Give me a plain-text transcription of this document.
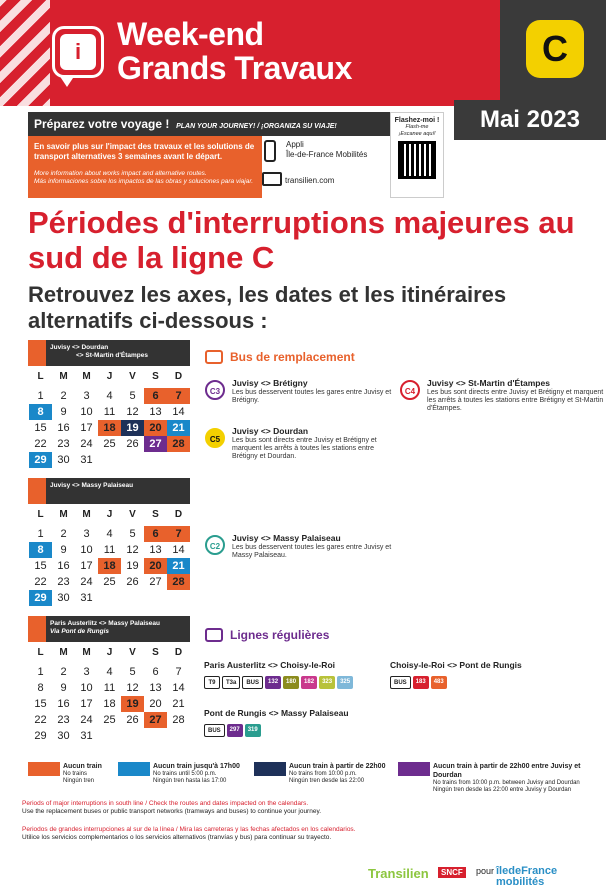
i	Week-end
Grands Travaux	C
Mai 2023
Préparez votre voyage ! PLAN YOUR JOURNEY! / ¡ORGANIZA SU VIAJE!
En savoir plus sur l'impact des travaux et les solutions de transport alternatives 3 semaines avant le départ.
More information about works impact and alternative routes.
Más informaciones sobre los impactos de las obras y soluciones para viajar.
Appli
Île-de-France Mobilités
transilien.com
Flashez-moi !
Flash-me
¡Escanee aquí!
Périodes d'interruptions majeures au sud de la ligne C
Retrouvez les axes, les dates et les itinéraires alternatifs ci-dessous :
Juvisy <> Dourdan
<> St-Martin d'Étampes
L	M	M	J	V	S	D
1	2	3	4	5	6	7
8	9	10	11	12 13 14
15 16 17 18 19 20 21
22 23 24 25 26 27 28
29 30 31
Juvisy <> Massy Palaiseau
L	M	M	J	V	S	D
1	2	3	4	5	6	7
8	9	10	11	12 13 14
15 16 17 18 19 20 21
22 23 24 25 26 27 28
29 30 31
Paris Austerlitz <> Massy Palaiseau
Via Pont de Rungis
L	M	M	J	V	S	D
1	2	3	4	5	6	7
8	9	10	11	12 13 14
15 16 17 18 19 20 21
22 23 24 25 26 27 28
29 30 31
Bus de remplacement
Lignes régulières
C3
Juvisy <> Brétigny
Les bus desservent toutes les gares entre Juvisy et Brétigny.
C4
Juvisy <> St-Martin d'Étampes
Les bus sont directs entre Juvisy et Brétigny et marquent les arrêts à toutes les stations entre Brétigny et St-Martin d'Étampes.
C5
Juvisy <> Dourdan
Les bus sont directs entre Juvisy et Brétigny et marquent les arrêts à toutes les stations entre Brétigny et Dourdan.
C2
Juvisy <> Massy Palaiseau
Les bus desservent toutes les gares entre Juvisy et Massy Palaiseau.
Paris Austerlitz <> Choisy-le-Roi
T9	T3a	BUS	132	180	182	323	325
Choisy-le-Roi <> Pont de Rungis
BUS	183	483
Pont de Rungis <> Massy Palaiseau
BUS	297	319
Aucun train
No trains
Ningún tren
Aucun train jusqu'à 17h00
No trains until 5:00 p.m.
Ningún tren hasta las 17:00
Aucun train à partir de 22h00
No trains from 10:00 p.m.
Ningún tren desde las 22:00
Aucun train à partir de 22h00 entre Juvisy et Dourdan
No trains from 10:00 p.m. between Juvisy and Dourdan
Ningún tren desde las 22:00 entre Juvisy y Dourdan
Periods of major interruptions in south line / Check the routes and dates impacted on the calendars.
Use the replacement buses or public transport networks (tramways and buses) to continue your journey.
Periodos de grandes interrupciones al sur de la línea / Mira las carreteras y las fechas afectados en los calendarios.
Utilice los servicios complementarios o los servicios alternativos (tranvías y bus) para continuar su trayecto.
Transilien	SNCF	pour îledeFrance mobilités
